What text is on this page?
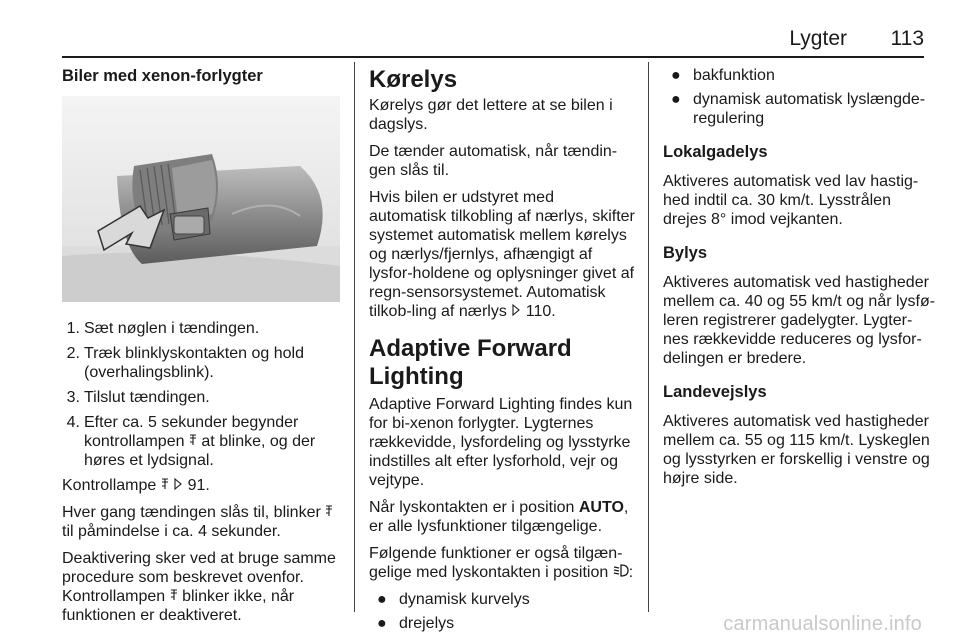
Lygter 113
Biler med xenon-forlygter
1. Sæt nøglen i tændingen.
2. Træk blinklyskontakten og hold (overhalingsblink).
3. Tilslut tændingen.
4. Efter ca. 5 sekunder begynder kontrollampen  at blinke, og der høres et lydsignal.

Kontrollampe   91.

Hver gang tændingen slås til, blinker  til påmindelse i ca. 4 sekunder.

Deaktivering sker ved at bruge samme procedure som beskrevet ovenfor. Kontrollampen  blinker ikke, når funktionen er deaktiveret.

Kørelys

Kørelys gør det lettere at se bilen i dagslys.

De tænder automatisk, når tændin-gen slås til.

Hvis bilen er udstyret med automatisk tilkobling af nærlys, skifter systemet automatisk mellem kørelys og nærlys/fjernlys, afhængigt af lysfor-holdene og oplysninger givet af regn-sensorsystemet. Automatisk tilkob-ling af nærlys  110.

Adaptive Forward Lighting

Adaptive Forward Lighting findes kun for bi-xenon forlygter. Lygternes rækkevidde, lysfordeling og lysstyrke indstilles alt efter lysforhold, vejr og vejtype.

Når lyskontakten er i position AUTO, er alle lysfunktioner tilgængelige.

Følgende funktioner er også tilgæn-gelige med lyskontakten i position :

● dynamisk kurvelys
● drejelys
● bakfunktion
● dynamisk automatisk lyslængde-regulering
Lokalgadelys

Aktiveres automatisk ved lav hastig-hed indtil ca. 30 km/t. Lysstrålen drejes 8° imod vejkanten.

Bylys

Aktiveres automatisk ved hastigheder mellem ca. 40 og 55 km/t og når lysfø-leren registrerer gadelygter. Lygter-nes rækkevidde reduceres og lysfor-delingen er bredere.

Landevejslys

Aktiveres automatisk ved hastigheder mellem ca. 55 og 115 km/t. Lyskeglen og lysstyrken er forskellig i venstre og højre side.

carmanualsonline.info
